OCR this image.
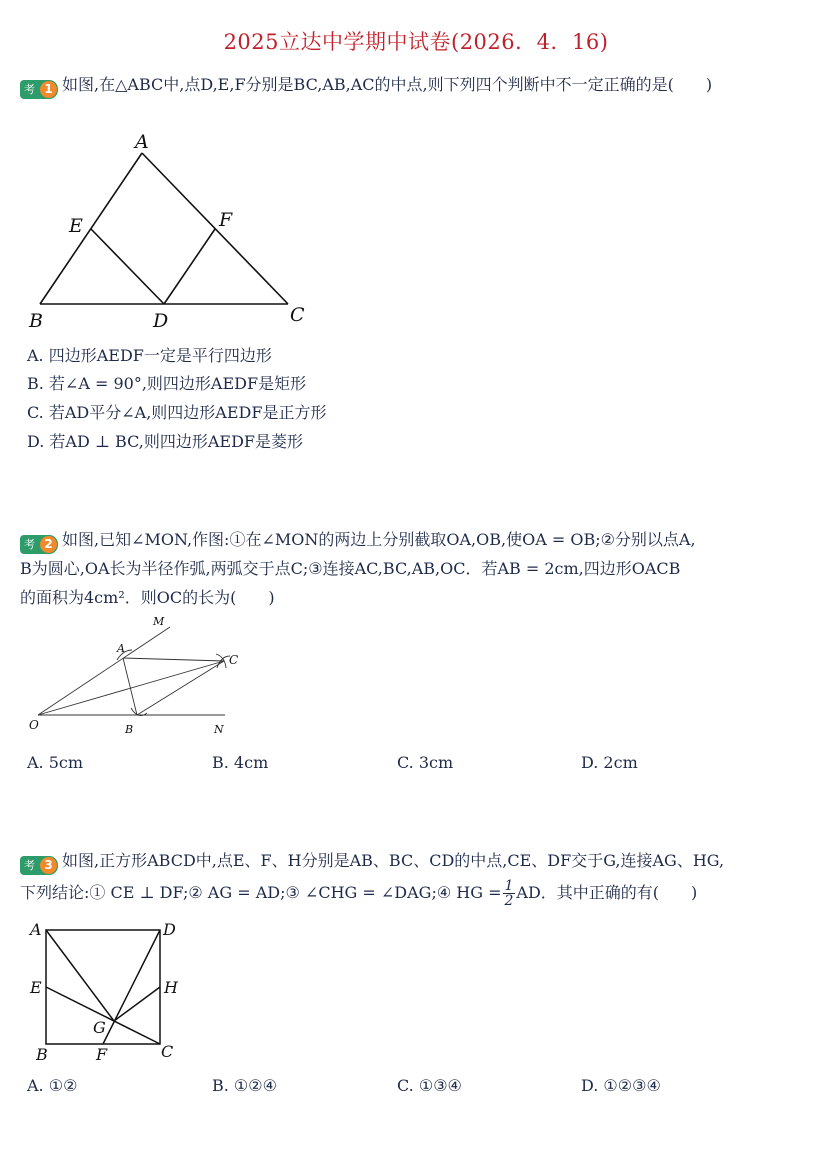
2025立达中学期中试卷(2026．4．16)
考 1 如图,在△ABC中,点D,E,F分别是BC,AB,AC的中点,则下列四个判断中不一定正确的是(　　)
A
E	F
B	D	C
A. 四边形AEDF一定是平行四边形
B. 若∠A = 90°,则四边形AEDF是矩形
C. 若AD平分∠A,则四边形AEDF是正方形
D. 若AD ⊥ BC,则四边形AEDF是菱形
考 2 如图,已知∠MON,作图:①在∠MON的两边上分别截取OA,OB,使OA = OB;②分别以点A,
B为圆心,OA长为半径作弧,两弧交于点C;③连接AC,BC,AB,OC．若AB = 2cm,四边形OACB
的面积为4cm²．则OC的长为(　　)
M
A
C
O	B	N
A. 5cm	B. 4cm	C. 3cm	D. 2cm
考 3 如图,正方形ABCD中,点E、F、H分别是AB、BC、CD的中点,CE、DF交于G,连接AG、HG,
下列结论:① CE ⊥ DF;② AG = AD;③ ∠CHG = ∠DAG;④ HG = $\frac{1}{2}$ AD．其中正确的有(　　)
A	D
E	H
G
B	F	C
A. ①②	B. ①②④	C. ①③④	D. ①②③④
